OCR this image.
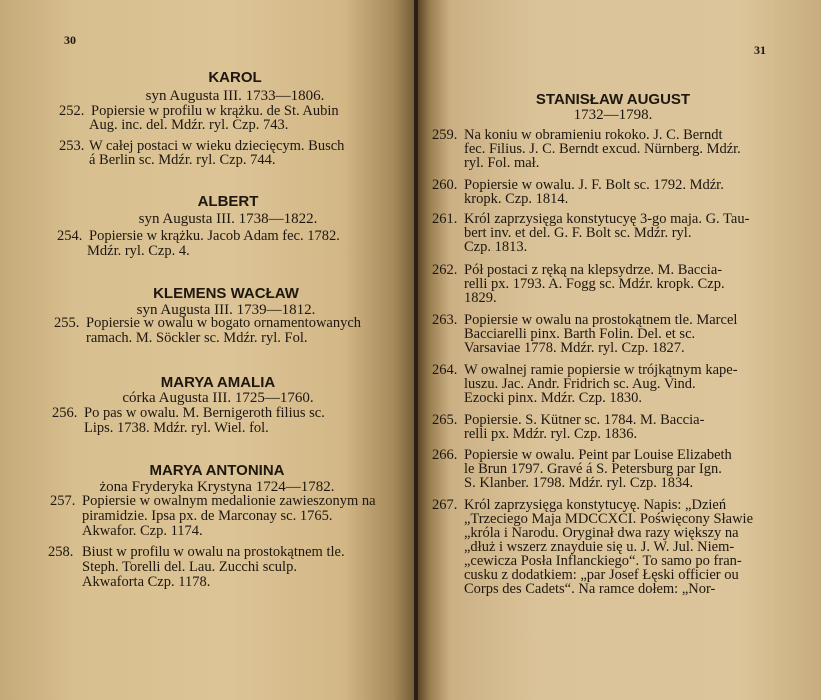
30
KAROL
syn Augusta III. 1733—1806.
252. Popiersie w profilu w krążku. de St. Aubin
Aug. inc. del. Mdźr. ryl. Czp. 743.
253. W całej postaci w wieku dziecięcym. Busch
á Berlin sc. Mdźr. ryl. Czp. 744.
ALBERT
syn Augusta III. 1738—1822.
254. Popiersie w krążku. Jacob Adam fec. 1782.
Mdźr. ryl. Czp. 4.
KLEMENS WACŁAW
syn Augusta III. 1739—1812.
255. Popiersie w owalu w bogato ornamentowanych
ramach. M. Söckler sc. Mdźr. ryl. Fol.
MARYA AMALIA
córka Augusta III. 1725—1760.
256. Po pas w owalu. M. Bernigeroth filius sc.
Lips. 1738. Mdźr. ryl. Wiel. fol.
MARYA ANTONINA
żona Fryderyka Krystyna 1724—1782.
257. Popiersie w owalnym medalionie zawieszonym na
piramidzie. Ipsa px. de Marconay sc. 1765.
Akwafor. Czp. 1174.
258. Biust w profilu w owalu na prostokątnem tle.
Steph. Torelli del. Lau. Zucchi sculp.
Akwaforta Czp. 1178.
31
STANISŁAW AUGUST
1732—1798.
259. Na koniu w obramieniu rokoko. J. C. Berndt
fec. Filius. J. C. Berndt excud. Nürnberg. Mdźr.
ryl. Fol. mał.
260. Popiersie w owalu. J. F. Bolt sc. 1792. Mdźr.
kropk. Czp. 1814.
261. Król zaprzysięga konstytucyę 3-go maja. G. Tau-
bert inv. et del. G. F. Bolt sc. Mdźr. ryl.
Czp. 1813.
262. Pół postaci z ręką na klepsydrze. M. Baccia-
relli px. 1793. A. Fogg sc. Mdźr. kropk. Czp.
1829.
263. Popiersie w owalu na prostokątnem tle. Marcel
Bacciarelli pinx. Barth Folin. Del. et sc.
Varsaviae 1778. Mdźr. ryl. Czp. 1827.
264. W owalnej ramie popiersie w trójkątnym kape-
luszu. Jac. Andr. Fridrich sc. Aug. Vind.
Ezocki pinx. Mdźr. Czp. 1830.
265. Popiersie. S. Kütner sc. 1784. M. Baccia-
relli px. Mdźr. ryl. Czp. 1836.
266. Popiersie w owalu. Peint par Louise Elizabeth
le Brun 1797. Gravé á S. Petersburg par Ign.
S. Klanber. 1798. Mdźr. ryl. Czp. 1834.
267. Król zaprzysięga konstytucyę. Napis: „Dzień
„Trzeciego Maja MDCCXCI. Poświęcony Sławie
„króla i Narodu. Oryginał dwa razy większy na
„dłuż i wszerz znayduie się u. J. W. Jul. Niem-
„cewicza Posła Inflanckiego“. To samo po fran-
cusku z dodatkiem: „par Josef Łęski officier ou
Corps des Cadets“. Na ramce dołem: „Nor-
